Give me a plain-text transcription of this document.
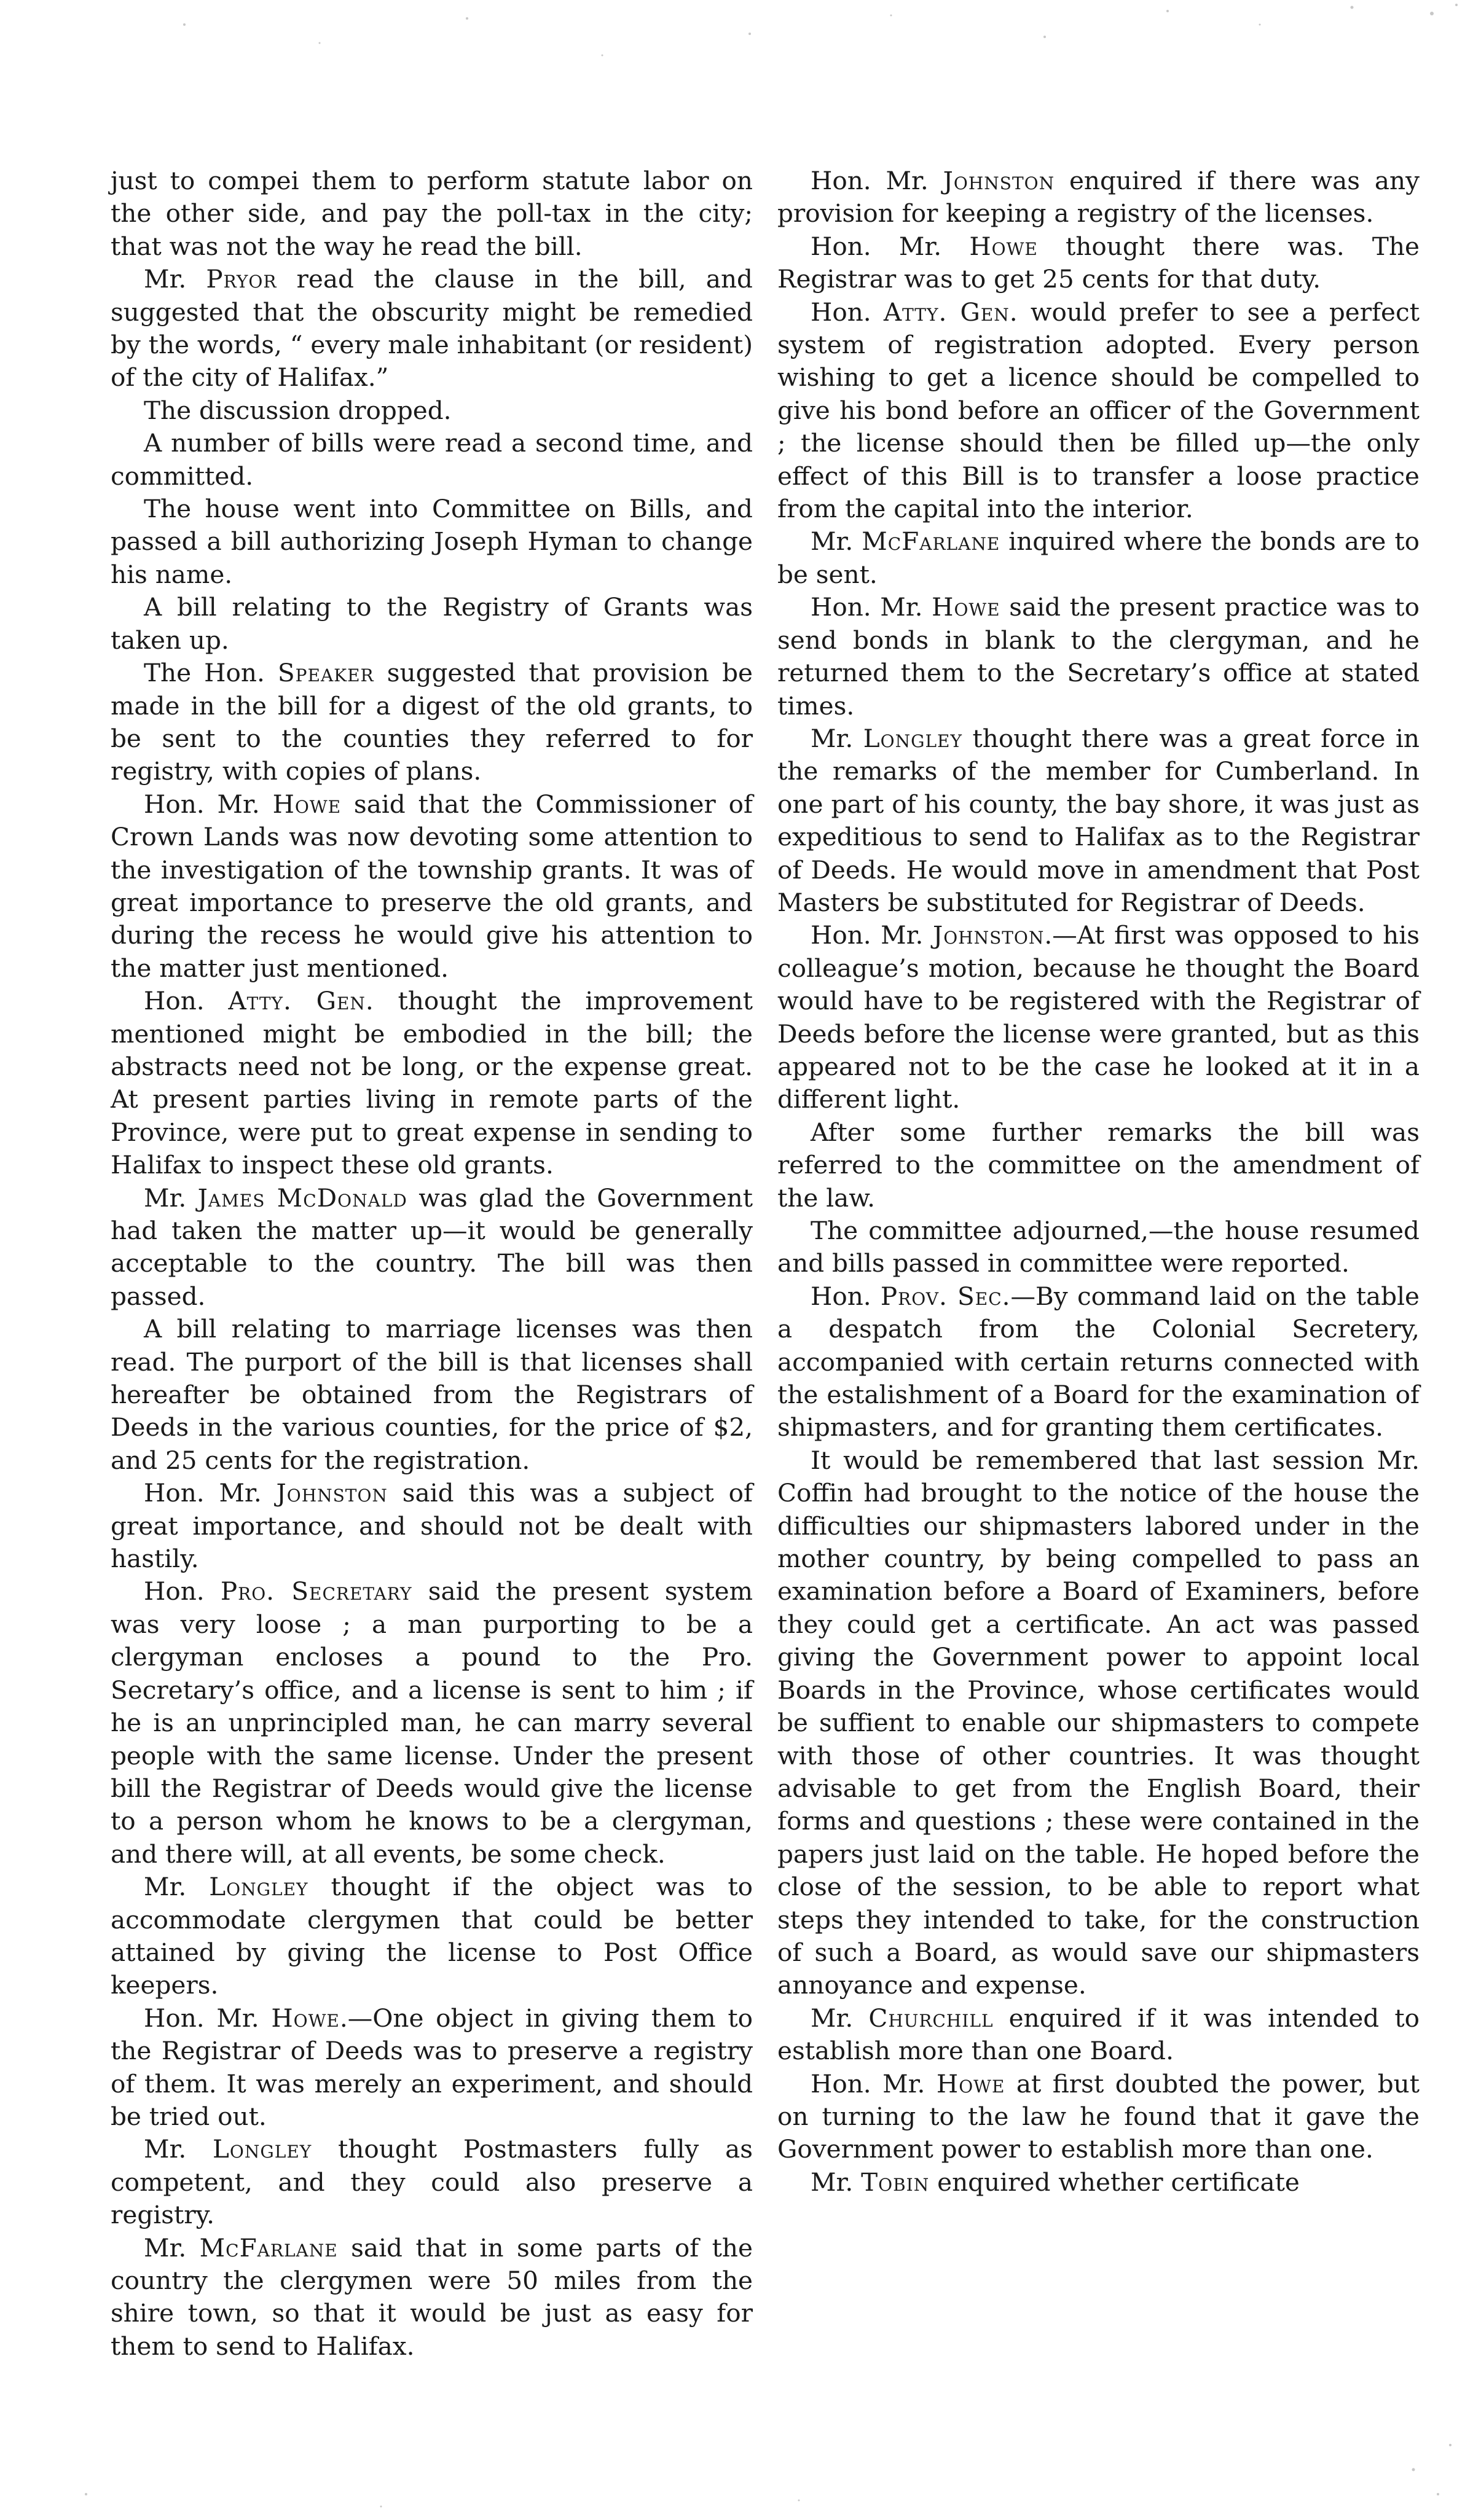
just to compei them to perform statute labor on the other side, and pay the poll-tax in the city; that was not the way he read the bill.

Mr. Pryor read the clause in the bill, and suggested that the obscurity might be remedied by the words, “ every male inhabitant (or resident) of the city of Halifax.”

The discussion dropped.

A number of bills were read a second time, and committed.

The house went into Committee on Bills, and passed a bill authorizing Joseph Hyman to change his name.

A bill relating to the Registry of Grants was taken up.

The Hon. Speaker suggested that provision be made in the bill for a digest of the old grants, to be sent to the counties they referred to for registry, with copies of plans.

Hon. Mr. Howe said that the Commissioner of Crown Lands was now devoting some attention to the investigation of the township grants. It was of great importance to preserve the old grants, and during the recess he would give his attention to the matter just mentioned.

Hon. Atty. Gen. thought the improvement mentioned might be embodied in the bill; the abstracts need not be long, or the expense great. At present parties living in remote parts of the Province, were put to great expense in sending to Halifax to inspect these old grants.

Mr. James McDonald was glad the Government had taken the matter up—it would be generally acceptable to the country. The bill was then passed.

A bill relating to marriage licenses was then read. The purport of the bill is that licenses shall hereafter be obtained from the Registrars of Deeds in the various counties, for the price of $2, and 25 cents for the registration.

Hon. Mr. Johnston said this was a subject of great importance, and should not be dealt with hastily.

Hon. Pro. Secretary said the present system was very loose ; a man purporting to be a clergyman encloses a pound to the Pro. Secretary’s office, and a license is sent to him ; if he is an unprincipled man, he can marry several people with the same license. Under the present bill the Registrar of Deeds would give the license to a person whom he knows to be a clergyman, and there will, at all events, be some check.

Mr. Longley thought if the object was to accommodate clergymen that could be better attained by giving the license to Post Office keepers.

Hon. Mr. Howe.—One object in giving them to the Registrar of Deeds was to preserve a registry of them. It was merely an experiment, and should be tried out.

Mr. Longley thought Postmasters fully as competent, and they could also preserve a registry.

Mr. McFarlane said that in some parts of the country the clergymen were 50 miles from the shire town, so that it would be just as easy for them to send to Halifax.

Hon. Mr. Johnston enquired if there was any provision for keeping a registry of the licenses.

Hon. Mr. Howe thought there was. The Registrar was to get 25 cents for that duty.

Hon. Atty. Gen. would prefer to see a perfect system of registration adopted. Every person wishing to get a licence should be compelled to give his bond before an officer of the Government ; the license should then be filled up—the only effect of this Bill is to transfer a loose practice from the capital into the interior.

Mr. McFarlane inquired where the bonds are to be sent.

Hon. Mr. Howe said the present practice was to send bonds in blank to the clergyman, and he returned them to the Secretary’s office at stated times.

Mr. Longley thought there was a great force in the remarks of the member for Cumberland. In one part of his county, the bay shore, it was just as expeditious to send to Halifax as to the Registrar of Deeds. He would move in amendment that Post Masters be substituted for Registrar of Deeds.

Hon. Mr. Johnston.—At first was opposed to his colleague’s motion, because he thought the Board would have to be registered with the Registrar of Deeds before the license were granted, but as this appeared not to be the case he looked at it in a different light.

After some further remarks the bill was referred to the committee on the amendment of the law.

The committee adjourned,—the house resumed and bills passed in committee were reported.

Hon. Prov. Sec.—By command laid on the table a despatch from the Colonial Secretery, accompanied with certain returns connected with the estalishment of a Board for the examination of shipmasters, and for granting them certificates.

It would be remembered that last session Mr. Coffin had brought to the notice of the house the difficulties our shipmasters labored under in the mother country, by being compelled to pass an examination before a Board of Examiners, before they could get a certificate. An act was passed giving the Government power to appoint local Boards in the Province, whose certificates would be suffient to enable our shipmasters to compete with those of other countries. It was thought advisable to get from the English Board, their forms and questions ; these were contained in the papers just laid on the table. He hoped before the close of the session, to be able to report what steps they intended to take, for the construction of such a Board, as would save our shipmasters annoyance and expense.

Mr. Churchill enquired if it was intended to establish more than one Board.

Hon. Mr. Howe at first doubted the power, but on turning to the law he found that it gave the Government power to establish more than one.

Mr. Tobin enquired whether certificate
